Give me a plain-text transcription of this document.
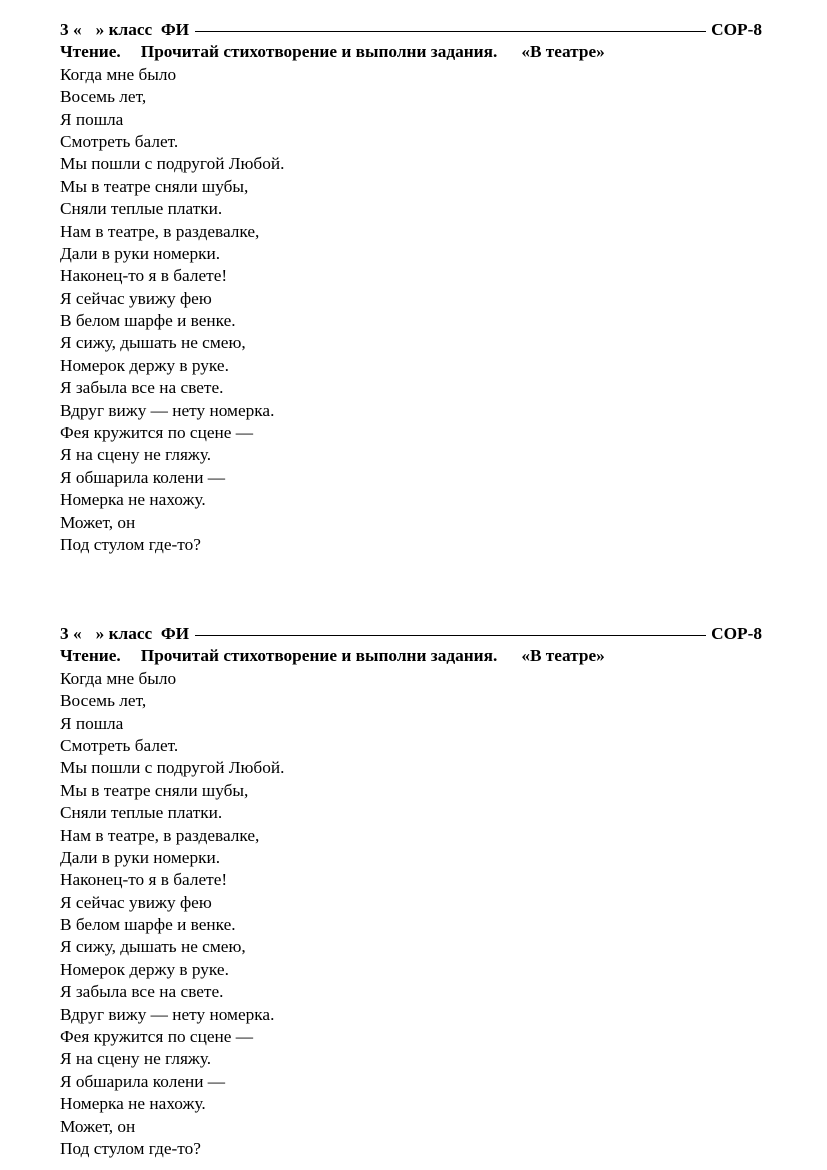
3 « » класс  ФИ	СОР-8
Чтение. Прочитай стихотворение и выполни задания. «В театре»
Когда мне было
Восемь лет,
Я пошла
Смотреть балет.
Мы пошли с подругой Любой.
Мы в театре сняли шубы,
Сняли теплые платки.
Нам в театре, в раздевалке,
Дали в руки номерки.
Наконец-то я в балете!
Я сейчас увижу фею
В белом шарфе и венке.
Я сижу, дышать не смею,
Номерок держу в руке.
Я забыла все на свете.
Вдруг вижу — нету номерка.
Фея кружится по сцене —
Я на сцену не гляжу.
Я обшарила колени —
Номерка не нахожу.
Может, он
Под стулом где-то?
3 « » класс  ФИ	СОР-8
Чтение. Прочитай стихотворение и выполни задания. «В театре»
Когда мне было
Восемь лет,
Я пошла
Смотреть балет.
Мы пошли с подругой Любой.
Мы в театре сняли шубы,
Сняли теплые платки.
Нам в театре, в раздевалке,
Дали в руки номерки.
Наконец-то я в балете!
Я сейчас увижу фею
В белом шарфе и венке.
Я сижу, дышать не смею,
Номерок держу в руке.
Я забыла все на свете.
Вдруг вижу — нету номерка.
Фея кружится по сцене —
Я на сцену не гляжу.
Я обшарила колени —
Номерка не нахожу.
Может, он
Под стулом где-то?
